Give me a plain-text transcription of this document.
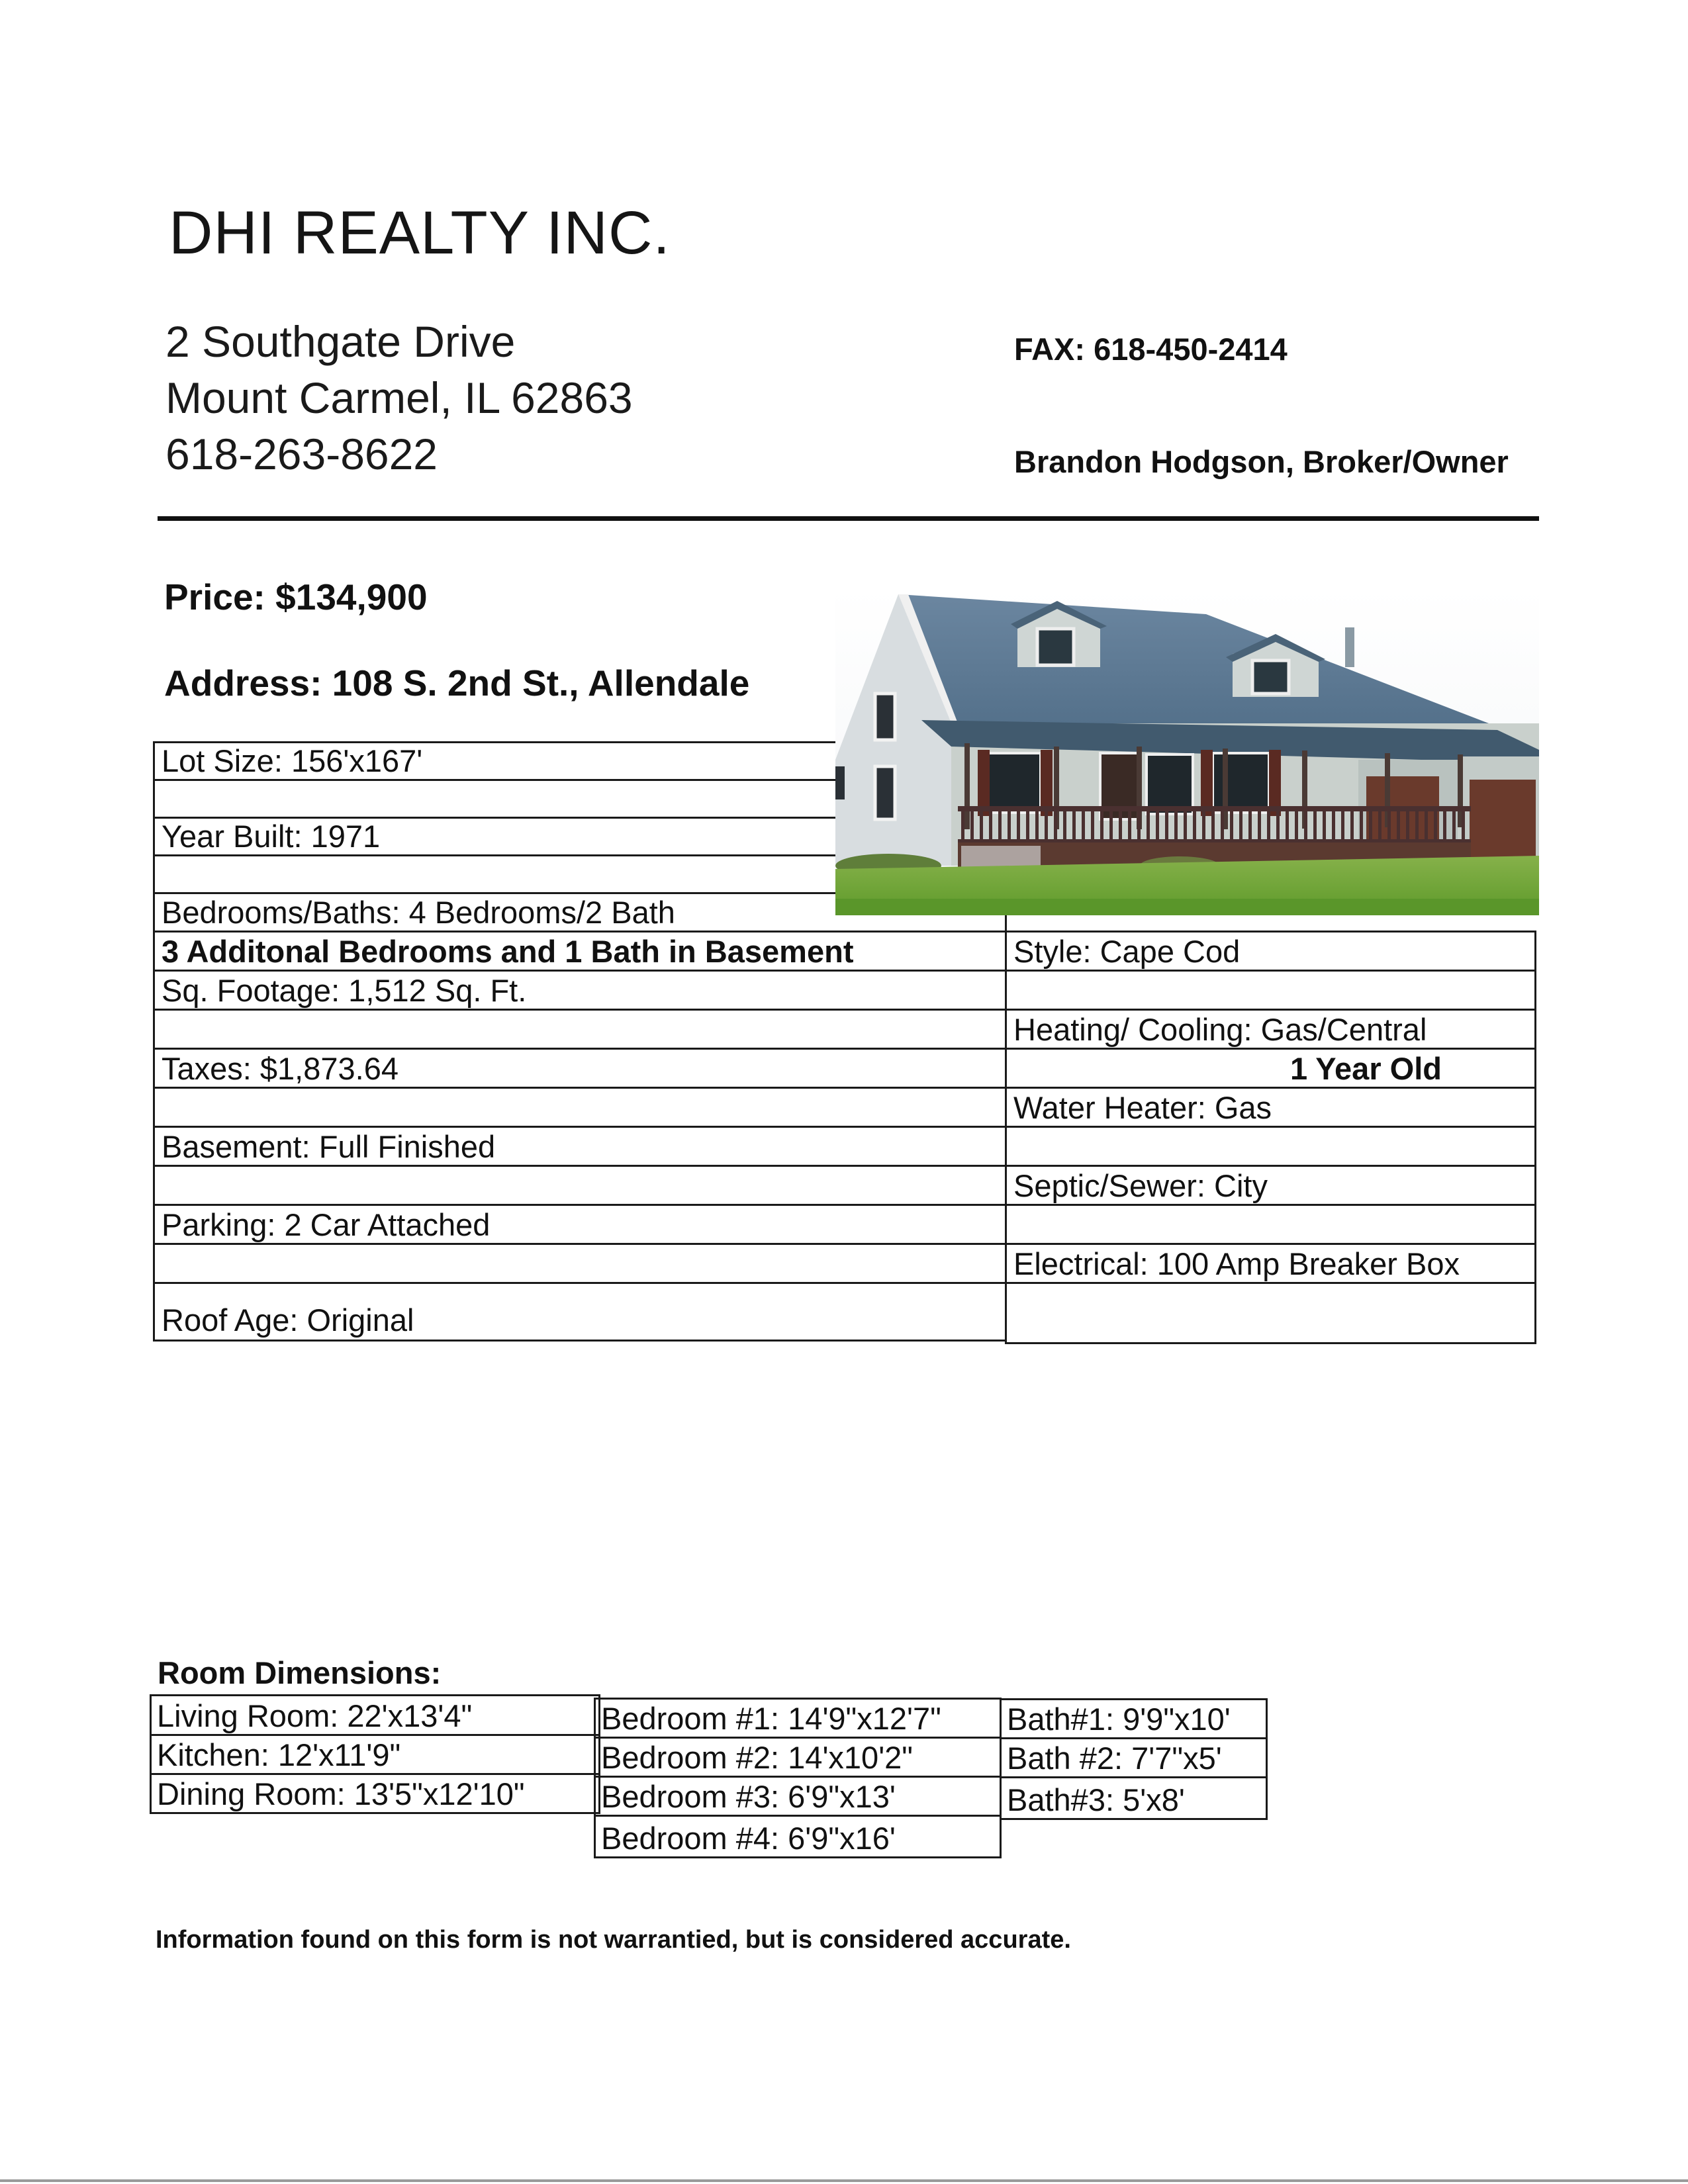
DHI REALTY INC.
2 Southgate Drive
Mount Carmel, IL 62863
618-263-8622
FAX: 618-450-2414
Brandon Hodgson, Broker/Owner
Price: $134,900
Address: 108 S. 2nd St., Allendale
Lot Size: 156'x167'
Year Built: 1971
Bedrooms/Baths: 4 Bedrooms/2 Bath
3 Additonal Bedrooms and 1 Bath in Basement
Sq. Footage: 1,512 Sq. Ft.
Taxes: $1,873.64
Basement: Full Finished
Parking: 2 Car Attached
Roof Age: Original
Style: Cape Cod
Heating/ Cooling: Gas/Central
1 Year Old
Water Heater: Gas
Septic/Sewer: City
Electrical: 100 Amp Breaker Box
Room Dimensions:
Living Room: 22'x13'4"
Kitchen: 12'x11'9"
Dining Room: 13'5"x12'10"
Bedroom #1: 14'9"x12'7"
Bedroom #2: 14'x10'2"
Bedroom #3: 6'9"x13'
Bedroom #4: 6'9"x16'
Bath#1: 9'9"x10'
Bath #2: 7'7"x5'
Bath#3: 5'x8'
Information found on this form is not warrantied, but is considered accurate.
